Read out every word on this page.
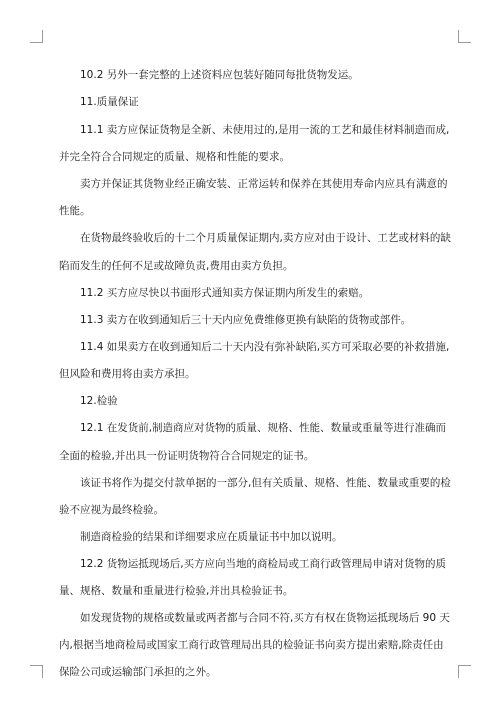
10.2 另外一套完整的上述资料应包装好随同每批货物发运。

11.质量保证

11.1 卖方应保证货物是全新、未使用过的,是用一流的工艺和最佳材料制造而成,

并完全符合合同规定的质量、规格和性能的要求。

卖方并保证其货物业经正确安装、正常运转和保养在其使用寿命内应具有满意的

性能。

在货物最终验收后的十二个月质量保证期内,卖方应对由于设计、工艺或材料的缺

陷而发生的任何不足或故障负责,费用由卖方负担。

11.2 买方应尽快以书面形式通知卖方保证期内所发生的索赔。

11.3 卖方在收到通知后三十天内应免费维修更换有缺陷的货物或部件。

11.4 如果卖方在收到通知后二十天内没有弥补缺陷,买方可采取必要的补救措施,

但风险和费用将由卖方承担。

12.检验

12.1 在发货前,制造商应对货物的质量、规格、性能、数量或重量等进行准确而

全面的检验,并出具一份证明货物符合合同规定的证书。

该证书将作为提交付款单据的一部分,但有关质量、规格、性能、数量或重要的检

验不应视为最终检验。

制造商检验的结果和详细要求应在质量证书中加以说明。

12.2 货物运抵现场后,买方应向当地的商检局或工商行政管理局申请对货物的质

量、规格、数量和重量进行检验,并出具检验证书。

如发现货物的规格或数量或两者都与合同不符,买方有权在货物运抵现场后 90 天

内,根据当地商检局或国家工商行政管理局出具的检验证书向卖方提出索赔,除责任由

保险公司或运输部门承担的之外。
